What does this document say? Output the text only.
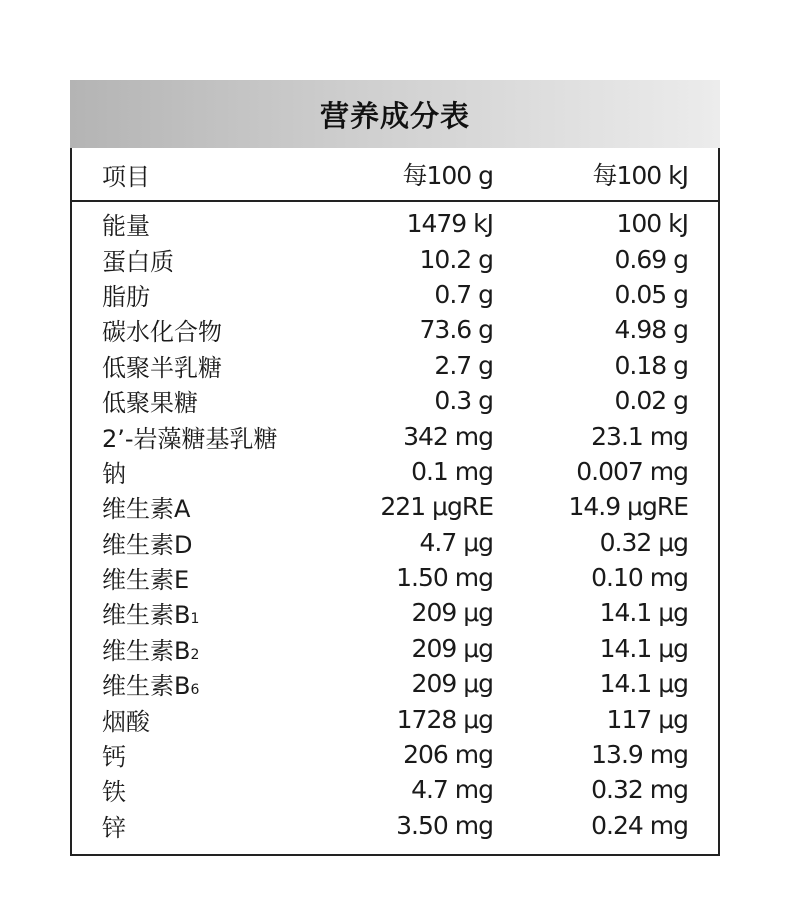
营养成分表
项目	每100 g	每100 kJ
能量	1479 kJ	100 kJ
蛋白质	10.2 g	0.69 g
脂肪	0.7 g	0.05 g
碳水化合物	73.6 g	4.98 g
低聚半乳糖	2.7 g	0.18 g
低聚果糖	0.3 g	0.02 g
2’-岩藻糖基乳糖	342 mg	23.1 mg
钠	0.1 mg	0.007 mg
维生素A	221 μgRE	14.9 μgRE
维生素D	4.7 μg	0.32 μg
维生素E	1.50 mg	0.10 mg
维生素B1	209 μg	14.1 μg
维生素B2	209 μg	14.1 μg
维生素B6	209 μg	14.1 μg
烟酸	1728 μg	117 μg
钙	206 mg	13.9 mg
铁	4.7 mg	0.32 mg
锌	3.50 mg	0.24 mg
